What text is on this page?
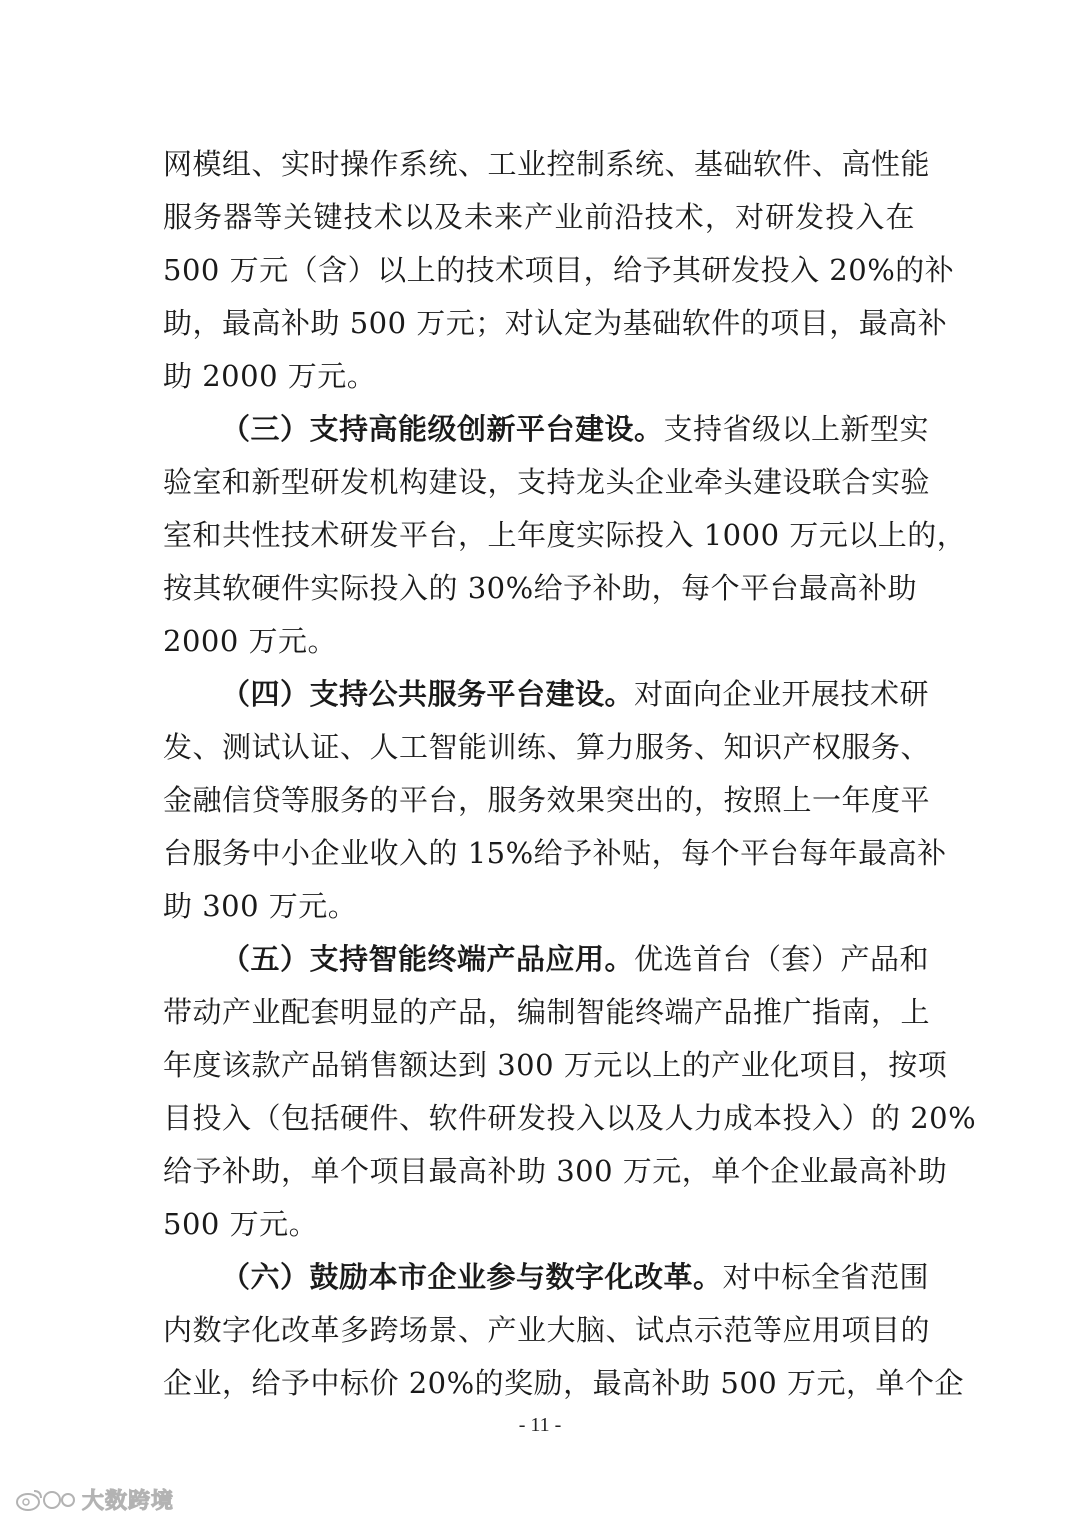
网模组、实时操作系统、工业控制系统、基础软件、高性能
服务器等关键技术以及未来产业前沿技术，对研发投入在
500 万元（含）以上的技术项目，给予其研发投入 20%的补
助，最高补助 500 万元；对认定为基础软件的项目，最高补
助 2000 万元。
（三）支持高能级创新平台建设。支持省级以上新型实
验室和新型研发机构建设，支持龙头企业牵头建设联合实验
室和共性技术研发平台，上年度实际投入 1000 万元以上的，
按其软硬件实际投入的 30%给予补助，每个平台最高补助
2000 万元。
（四）支持公共服务平台建设。对面向企业开展技术研
发、测试认证、人工智能训练、算力服务、知识产权服务、
金融信贷等服务的平台，服务效果突出的，按照上一年度平
台服务中小企业收入的 15%给予补贴，每个平台每年最高补
助 300 万元。
（五）支持智能终端产品应用。优选首台（套）产品和
带动产业配套明显的产品，编制智能终端产品推广指南，上
年度该款产品销售额达到 300 万元以上的产业化项目，按项
目投入（包括硬件、软件研发投入以及人力成本投入）的 20%
给予补助，单个项目最高补助 300 万元，单个企业最高补助
500 万元。
（六）鼓励本市企业参与数字化改革。对中标全省范围
内数字化改革多跨场景、产业大脑、试点示范等应用项目的
企业，给予中标价 20%的奖励，最高补助 500 万元，单个企
- 11 -
大数跨境
